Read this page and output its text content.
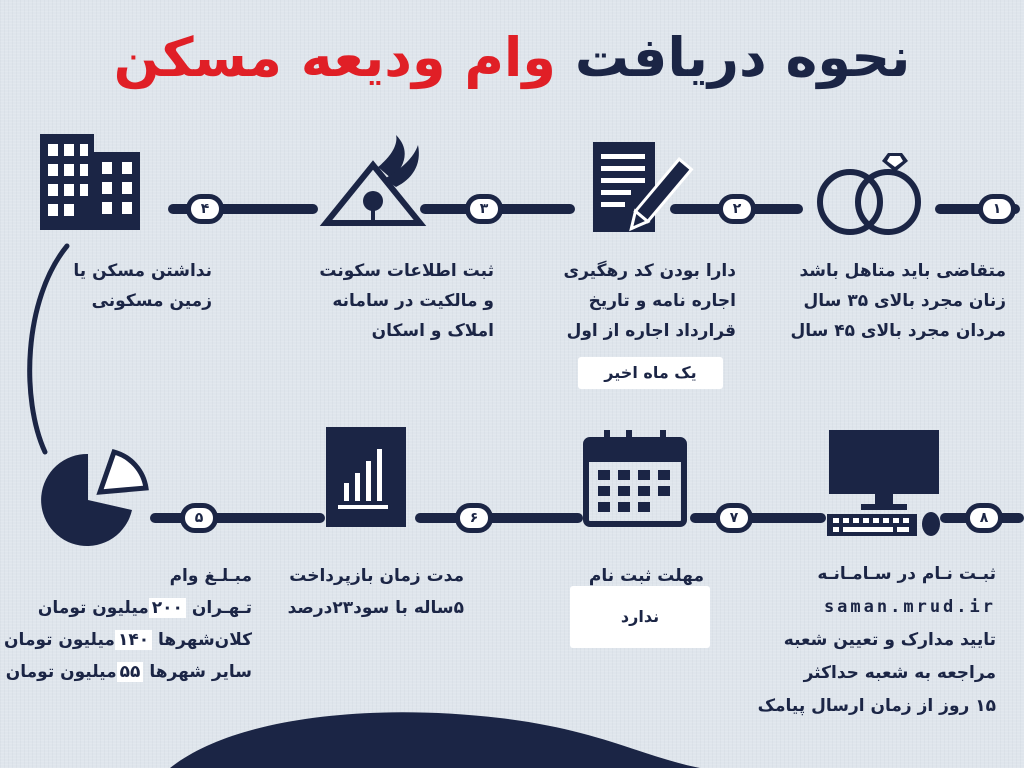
نحوه دریافت وام ودیعه مسکن
۱
۲
۳
۴
۵	۶	۷	۸
متقاضی باید متاهل باشد
زنان مجرد بالای ۳۵ سال
مردان مجرد بالای ۴۵ سال
دارا بودن کد رهگیری
اجاره نامه و تاریخ
قرارداد اجاره از اول
یک ماه اخیر
ثبت اطلاعات سکونت
و مالکیت در سامانه
املاک و اسکان
نداشتن مسکن یا
زمین مسکونی
مبـلـغ وام
تـهـران ۲۰۰میلیون تومان
کلان‌شهرها ۱۴۰میلیون تومان
سایر شهرها ۵۵میلیون تومان
مدت زمان بازپرداخت
۵ساله با سود۲۳درصد
مهلت ثبت نام
ندارد
ثبـت نـام در سـامـانـه
saman.mrud.ir
تایید مدارک و تعیین شعبه
مراجعه به شعبه حداکثر
۱۵ روز از زمان ارسال پیامک
